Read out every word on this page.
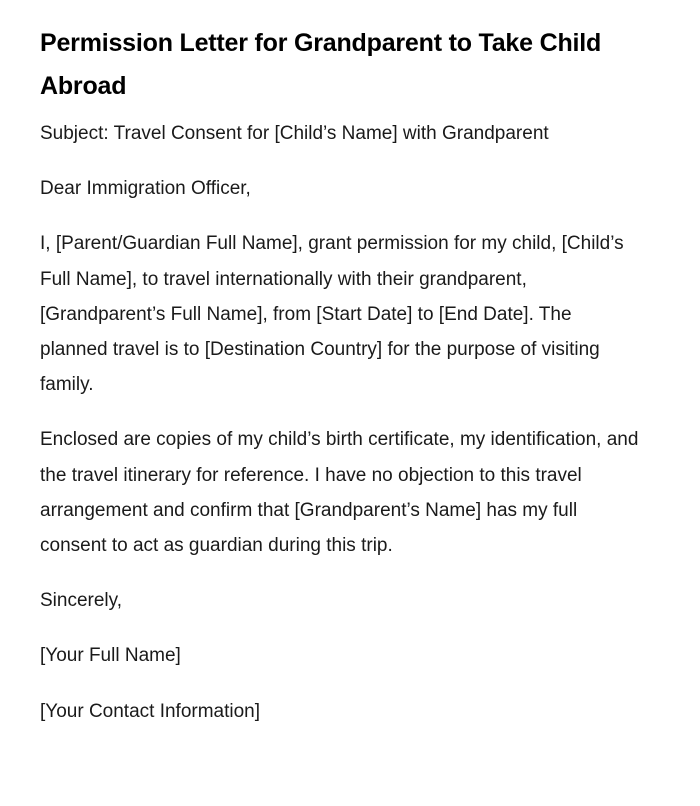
Permission Letter for Grandparent to Take Child Abroad

Subject: Travel Consent for [Child’s Name] with Grandparent

Dear Immigration Officer,

I, [Parent/Guardian Full Name], grant permission for my child, [Child’s Full Name], to travel internationally with their grandparent, [Grandparent’s Full Name], from [Start Date] to [End Date]. The planned travel is to [Destination Country] for the purpose of visiting family.

Enclosed are copies of my child’s birth certificate, my identification, and the travel itinerary for reference. I have no objection to this travel arrangement and confirm that [Grandparent’s Name] has my full consent to act as guardian during this trip.

Sincerely,

[Your Full Name]

[Your Contact Information]
